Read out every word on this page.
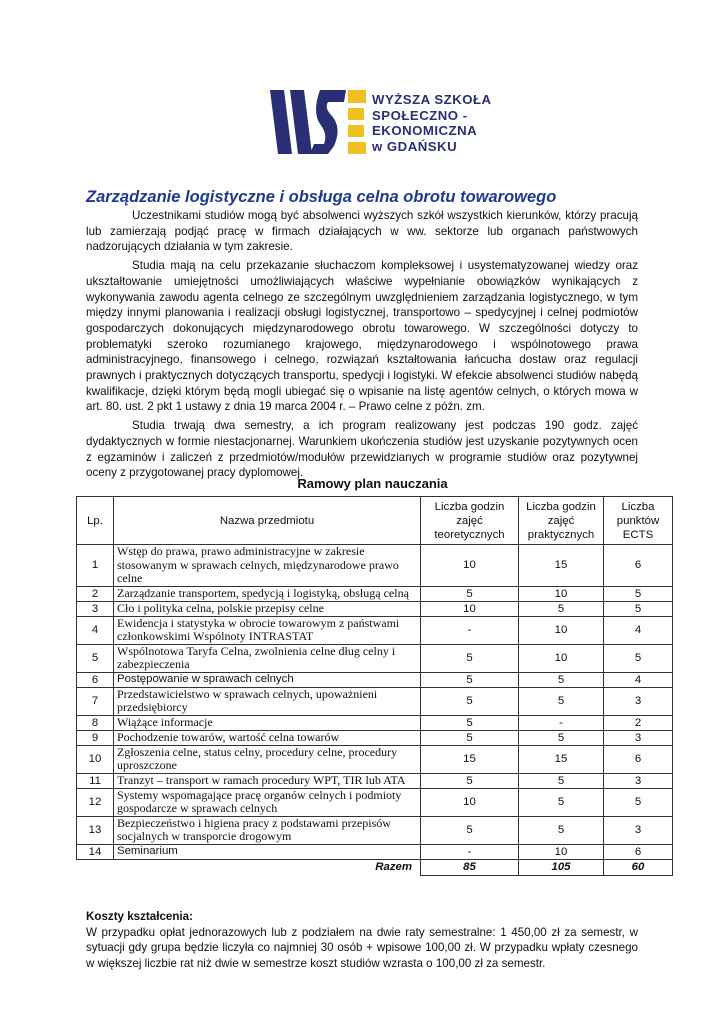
WYŻSZA SZKOŁA
SPOŁECZNO -
EKONOMICZNA
w GDAŃSKU
Zarządzanie logistyczne i obsługa celna obrotu towarowego

Uczestnikami studiów mogą być absolwenci wyższych szkół wszystkich kierunków, którzy pracują lub zamierzają podjąć pracę w firmach działających w ww. sektorze lub organach państwowych nadzorujących działania w tym zakresie.

Studia mają na celu przekazanie słuchaczom kompleksowej i usystematyzowanej wiedzy oraz ukształtowanie umiejętności umożliwiających właściwe wypełnianie obowiązków wynikających z wykonywania zawodu agenta celnego ze szczególnym uwzględnieniem zarządzania logistycznego, w tym między innymi planowania i realizacji obsługi logistycznej, transportowo – spedycyjnej i celnej podmiotów gospodarczych dokonujących międzynarodowego obrotu towarowego. W szczególności dotyczy to problematyki szeroko rozumianego krajowego, międzynarodowego i wspólnotowego prawa administracyjnego, finansowego i celnego, rozwiązań kształtowania łańcucha dostaw oraz regulacji prawnych i praktycznych dotyczących transportu, spedycji i logistyki. W efekcie absolwenci studiów nabędą kwalifikacje, dzięki którym będą mogli ubiegać się o wpisanie na listę agentów celnych, o których mowa w art. 80. ust. 2 pkt 1 ustawy z dnia 19 marca 2004 r. – Prawo celne z późn. zm.

Studia trwają dwa semestry, a ich program realizowany jest podczas 190 godz. zajęć dydaktycznych w formie niestacjonarnej. Warunkiem ukończenia studiów jest uzyskanie pozytywnych ocen z egzaminów i zaliczeń z przedmiotów/modułów przewidzianych w programie studiów oraz pozytywnej oceny z przygotowanej pracy dyplomowej.

Ramowy plan nauczania
Lp.	Nazwa przedmiotu	Liczba godzin zajęć teoretycznych	Liczba godzin zajęć praktycznych	Liczba punktów ECTS
1	Wstęp do prawa, prawo administracyjne w zakresie stosowanym w sprawach celnych, międzynarodowe prawo celne	10	15	6
2	Zarządzanie transportem, spedycją i logistyką, obsługą celną	5	10	5
3	Cło i polityka celna, polskie przepisy celne	10	5	5
4	Ewidencja i statystyka w obrocie towarowym z państwami członkowskimi Wspólnoty INTRASTAT	-	10	4
5	Wspólnotowa Taryfa Celna, zwolnienia celne dług celny i zabezpieczenia	5	10	5
6	Postępowanie w sprawach celnych	5	5	4
7	Przedstawicielstwo w sprawach celnych, upoważnieni przedsiębiorcy	5	5	3
8	Wiążące informacje	5	-	2
9	Pochodzenie towarów, wartość celna towarów	5	5	3
10	Zgłoszenia celne, status celny, procedury celne, procedury uproszczone	15	15	6
11	Tranzyt – transport w ramach procedury WPT, TIR lub ATA	5	5	3
12	Systemy wspomagające pracę organów celnych i podmioty gospodarcze w sprawach celnych	10	5	5
13	Bezpieczeństwo i higiena pracy z podstawami przepisów socjalnych w transporcie drogowym	5	5	3
14	Seminarium	-	10	6
	Razem	85	105	60
Koszty kształcenia:
W przypadku opłat jednorazowych lub z podziałem na dwie raty semestralne: 1 450,00 zł za semestr, w sytuacji gdy grupa będzie liczyła co najmniej 30 osób + wpisowe 100,00 zł. W przypadku wpłaty czesnego w większej liczbie rat niż dwie w semestrze koszt studiów wzrasta o 100,00 zł za semestr.
